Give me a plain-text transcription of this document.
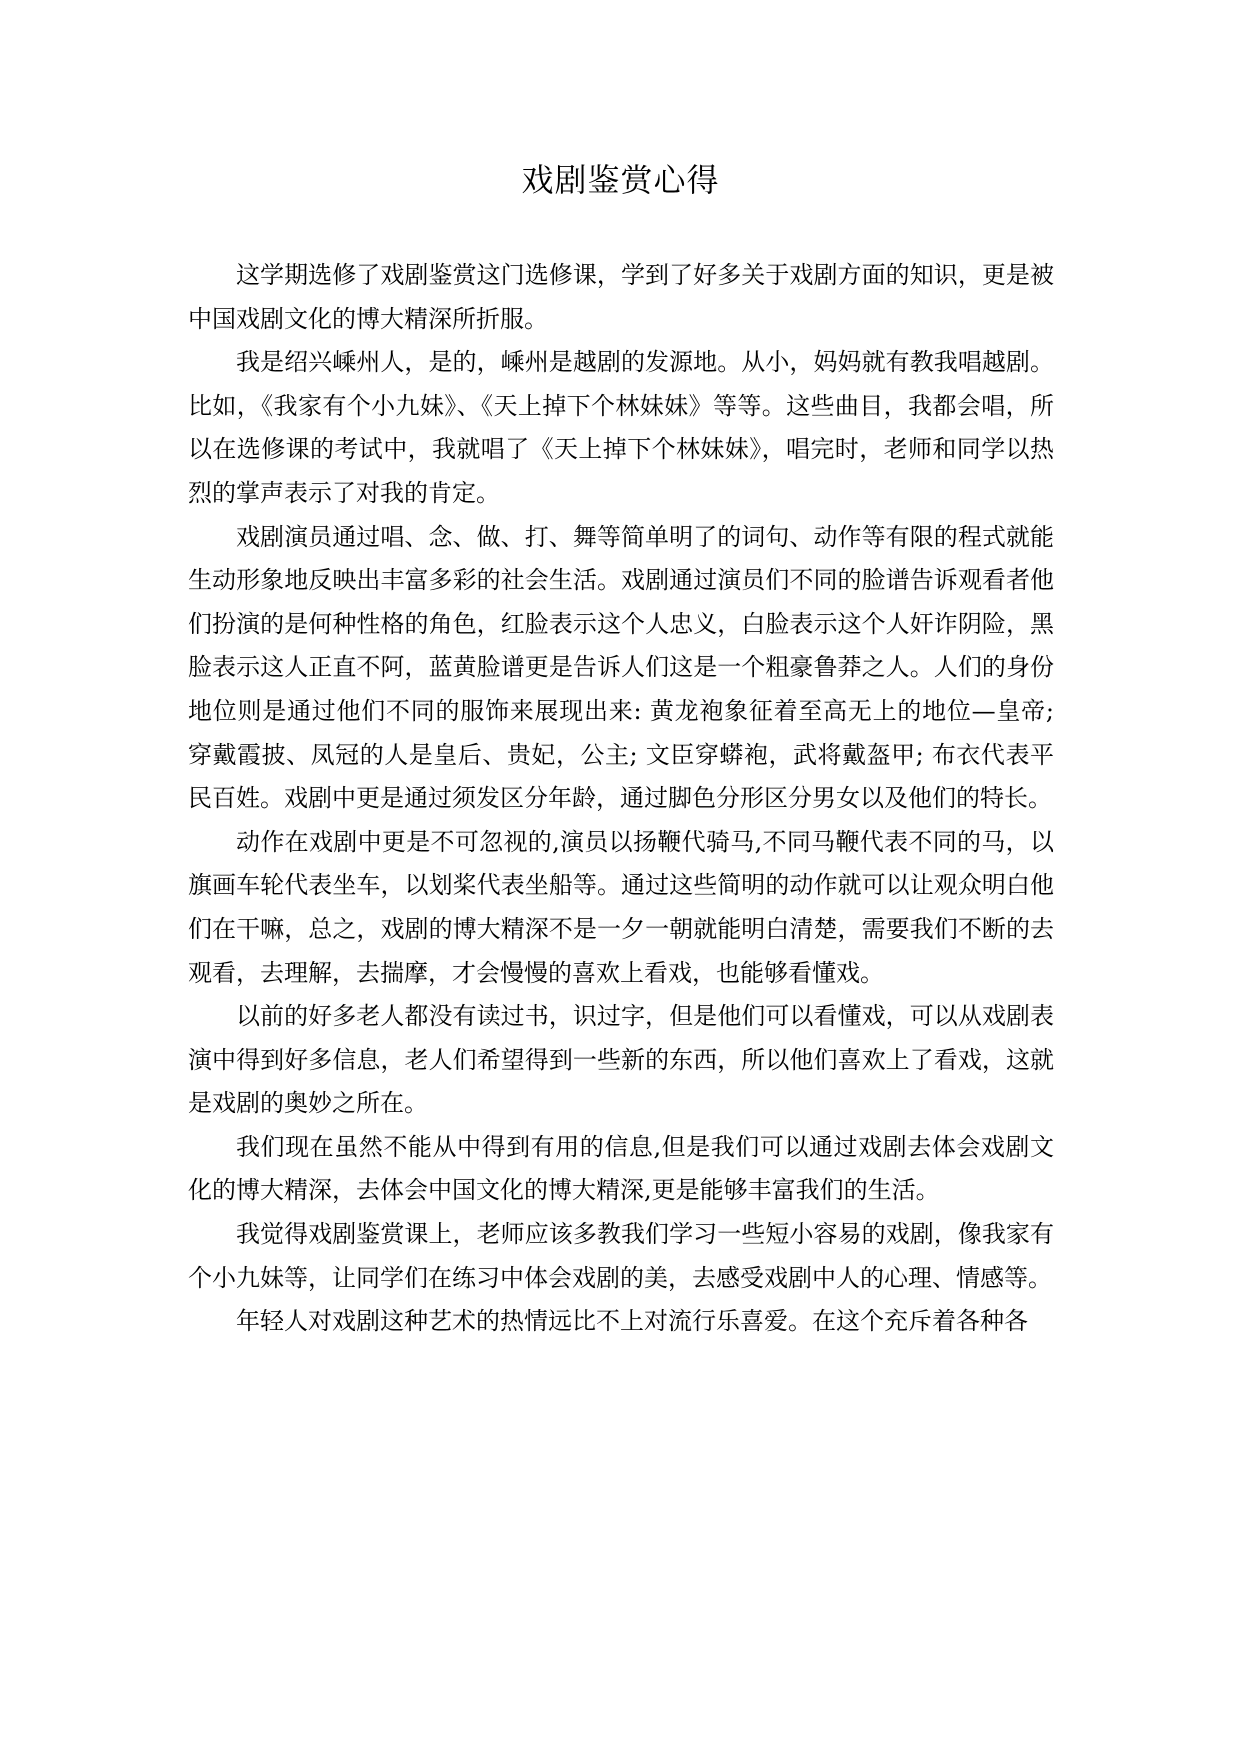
戏剧鉴赏心得

这学期选修了戏剧鉴赏这门选修课，学到了好多关于戏剧方面的知识，更是被中国戏剧文化的博大精深所折服。

我是绍兴嵊州人，是的，嵊州是越剧的发源地。从小，妈妈就有教我唱越剧。比如，《我家有个小九妹》、《天上掉下个林妹妹》等等。这些曲目，我都会唱，所以在选修课的考试中，我就唱了《天上掉下个林妹妹》，唱完时，老师和同学以热烈的掌声表示了对我的肯定。

戏剧演员通过唱、念、做、打、舞等简单明了的词句、动作等有限的程式就能生动形象地反映出丰富多彩的社会生活。戏剧通过演员们不同的脸谱告诉观看者他们扮演的是何种性格的角色，红脸表示这个人忠义，白脸表示这个人奸诈阴险，黑脸表示这人正直不阿，蓝黄脸谱更是告诉人们这是一个粗豪鲁莽之人。人们的身份地位则是通过他们不同的服饰来展现出来: 黄龙袍象征着至高无上的地位—皇帝; 穿戴霞披、凤冠的人是皇后、贵妃，公主; 文臣穿蟒袍，武将戴盔甲; 布衣代表平民百姓。戏剧中更是通过须发区分年龄，通过脚色分形区分男女以及他们的特长。

动作在戏剧中更是不可忽视的,演员以扬鞭代骑马,不同马鞭代表不同的马，以旗画车轮代表坐车，以划桨代表坐船等。通过这些简明的动作就可以让观众明白他们在干嘛，总之，戏剧的博大精深不是一夕一朝就能明白清楚，需要我们不断的去观看，去理解，去揣摩，才会慢慢的喜欢上看戏，也能够看懂戏。

以前的好多老人都没有读过书，识过字，但是他们可以看懂戏，可以从戏剧表演中得到好多信息，老人们希望得到一些新的东西，所以他们喜欢上了看戏，这就是戏剧的奥妙之所在。

我们现在虽然不能从中得到有用的信息,但是我们可以通过戏剧去体会戏剧文化的博大精深，去体会中国文化的博大精深,更是能够丰富我们的生活。

我觉得戏剧鉴赏课上，老师应该多教我们学习一些短小容易的戏剧，像我家有个小九妹等，让同学们在练习中体会戏剧的美，去感受戏剧中人的心理、情感等。

年轻人对戏剧这种艺术的热情远比不上对流行乐喜爱。在这个充斥着各种各
